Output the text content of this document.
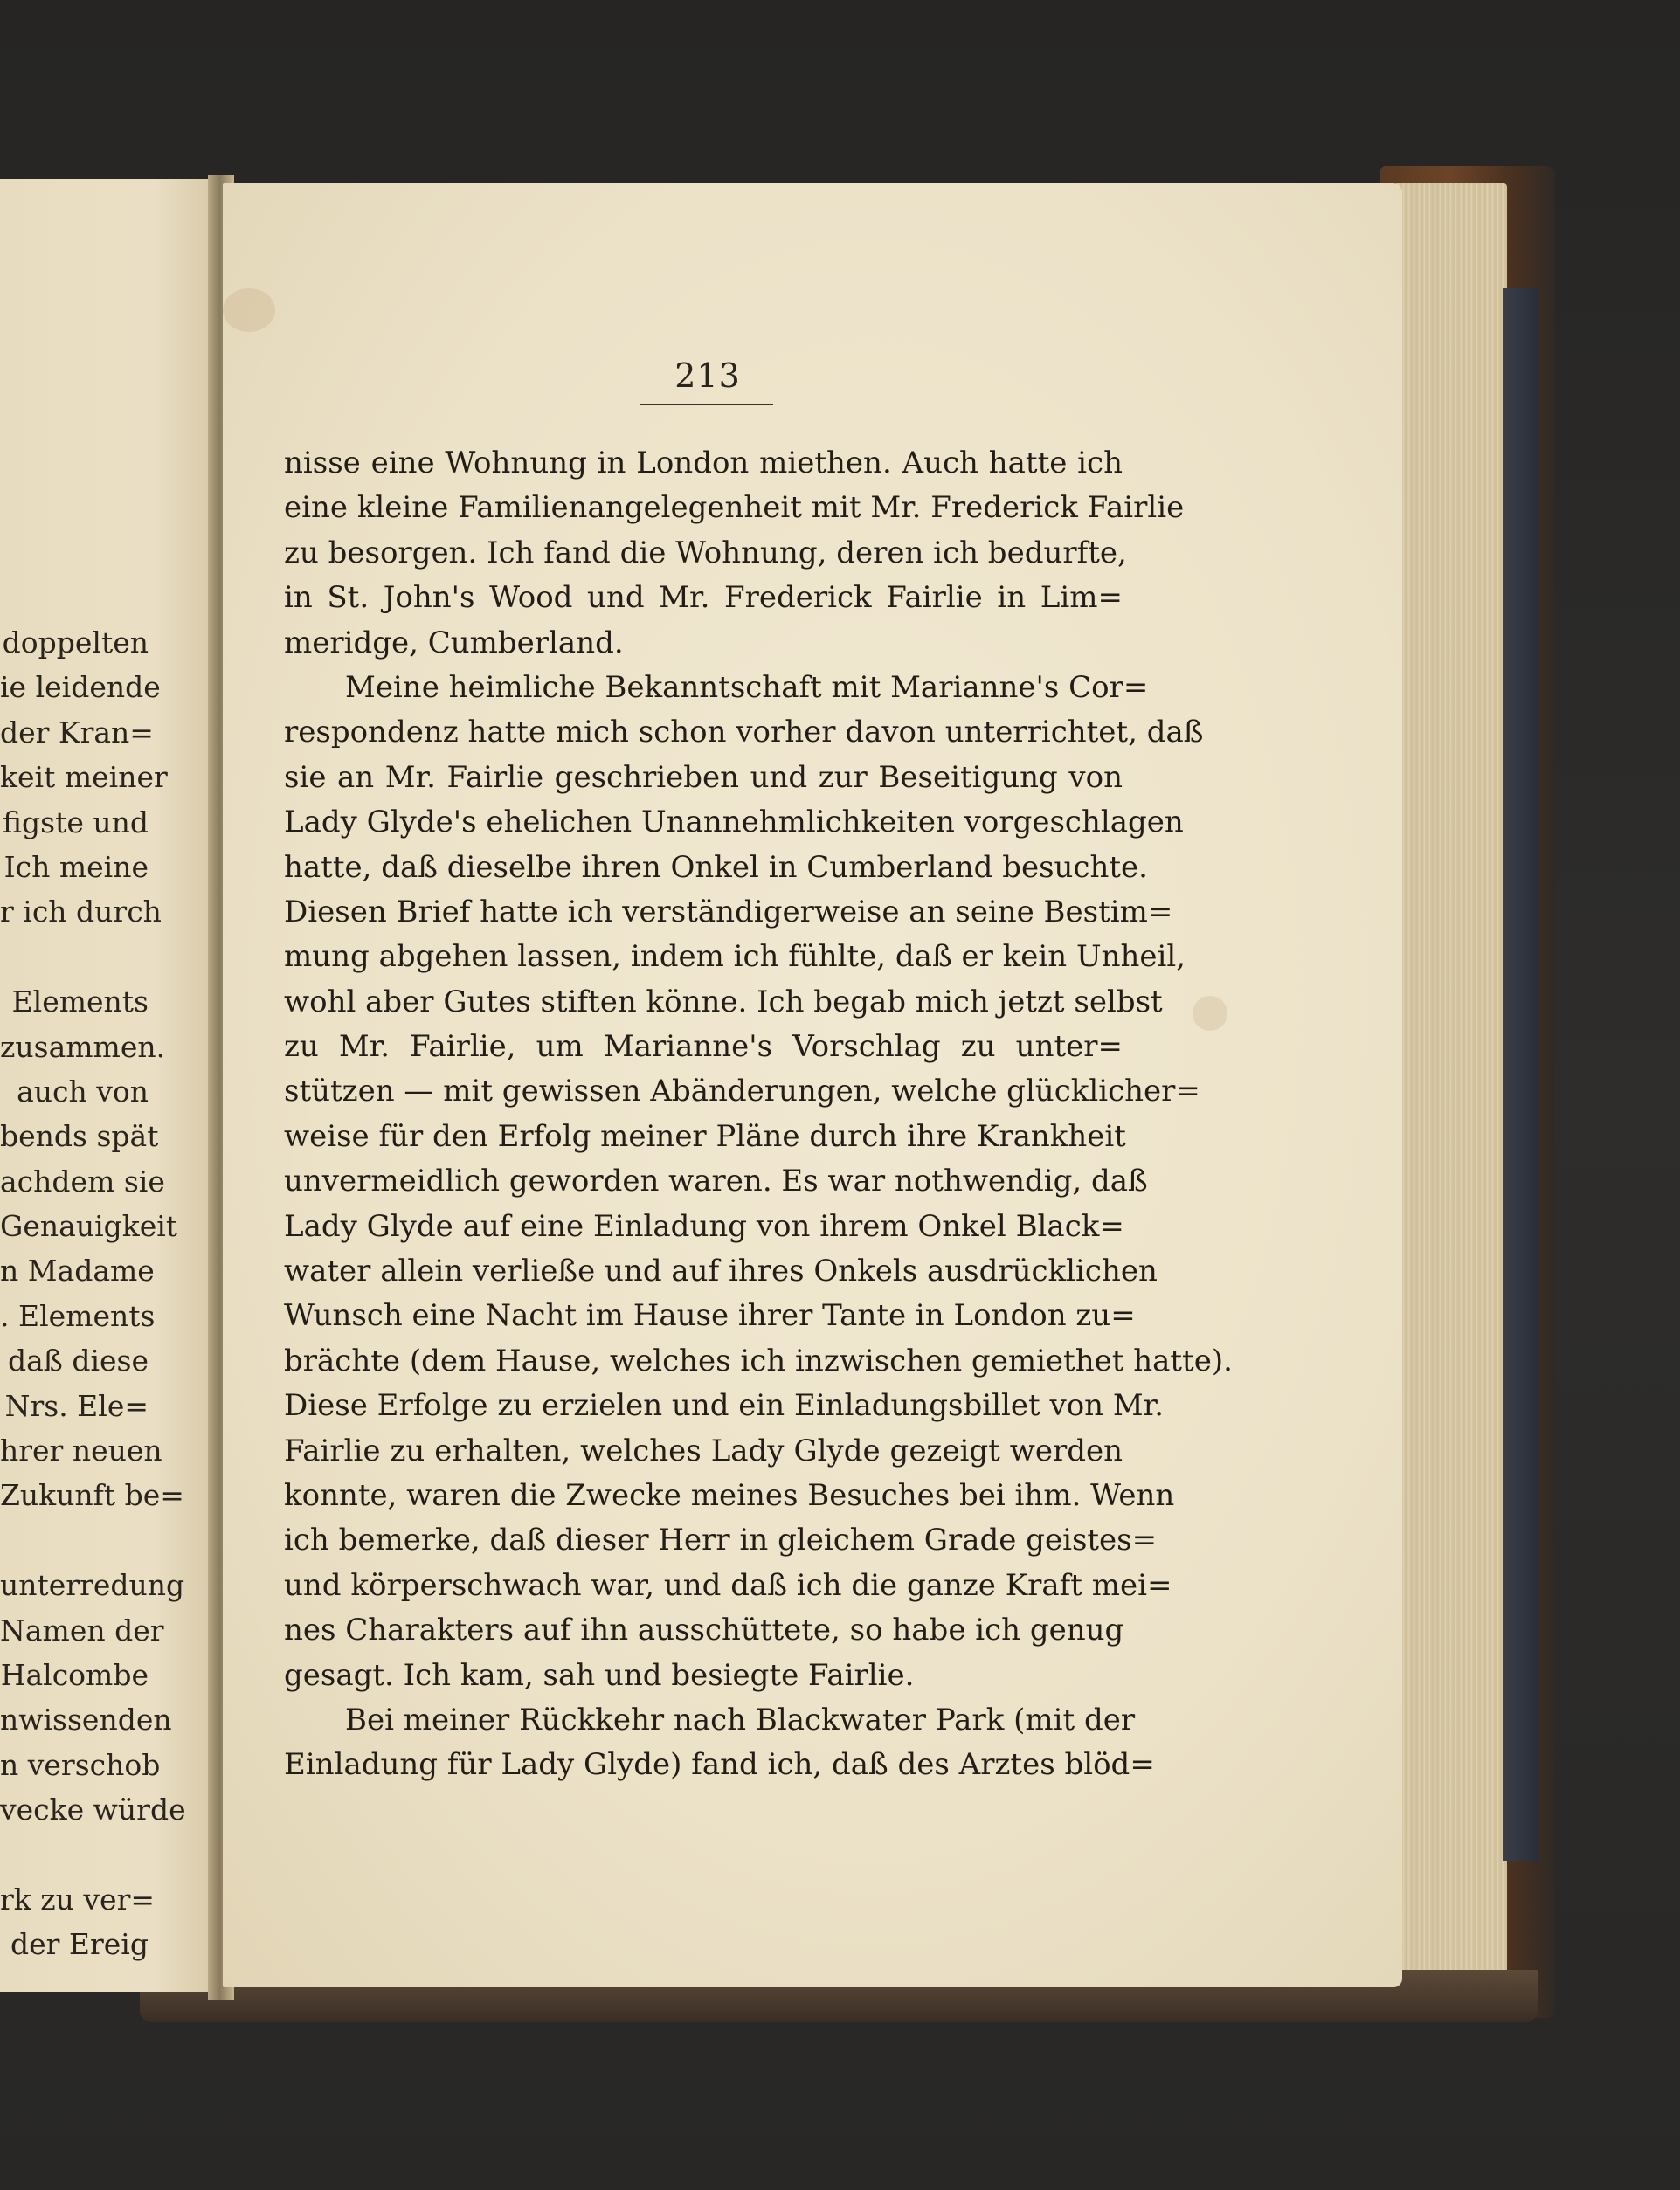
doppelten
ie leidende
der Kran=
keit meiner
figste und
Ich meine
r ich durch
Elements
zusammen.
auch von
bends spät
achdem sie
Genauigkeit
n Madame
. Elements
daß diese
Nrs. Ele=
hrer neuen
Zukunft be=
unterredung
Namen der
Halcombe
nwissenden
n verschob
vecke würde
rk zu ver=
der Ereig
213
nisse eine Wohnung in London miethen. Auch hatte ich
eine kleine Familienangelegenheit mit Mr. Frederick Fairlie
zu besorgen. Ich fand die Wohnung, deren ich bedurfte,
in St. John's Wood und Mr. Frederick Fairlie in Lim=
meridge, Cumberland.
Meine heimliche Bekanntschaft mit Marianne's Cor=
respondenz hatte mich schon vorher davon unterrichtet, daß
sie an Mr. Fairlie geschrieben und zur Beseitigung von
Lady Glyde's ehelichen Unannehmlichkeiten vorgeschlagen
hatte, daß dieselbe ihren Onkel in Cumberland besuchte.
Diesen Brief hatte ich verständigerweise an seine Bestim=
mung abgehen lassen, indem ich fühlte, daß er kein Unheil,
wohl aber Gutes stiften könne. Ich begab mich jetzt selbst
zu Mr. Fairlie, um Marianne's Vorschlag zu unter=
stützen — mit gewissen Abänderungen, welche glücklicher=
weise für den Erfolg meiner Pläne durch ihre Krankheit
unvermeidlich geworden waren. Es war nothwendig, daß
Lady Glyde auf eine Einladung von ihrem Onkel Black=
water allein verließe und auf ihres Onkels ausdrücklichen
Wunsch eine Nacht im Hause ihrer Tante in London zu=
brächte (dem Hause, welches ich inzwischen gemiethet hatte).
Diese Erfolge zu erzielen und ein Einladungsbillet von Mr.
Fairlie zu erhalten, welches Lady Glyde gezeigt werden
konnte, waren die Zwecke meines Besuches bei ihm. Wenn
ich bemerke, daß dieser Herr in gleichem Grade geistes=
und körperschwach war, und daß ich die ganze Kraft mei=
nes Charakters auf ihn ausschüttete, so habe ich genug
gesagt. Ich kam, sah und besiegte Fairlie.
Bei meiner Rückkehr nach Blackwater Park (mit der
Einladung für Lady Glyde) fand ich, daß des Arztes blöd=
